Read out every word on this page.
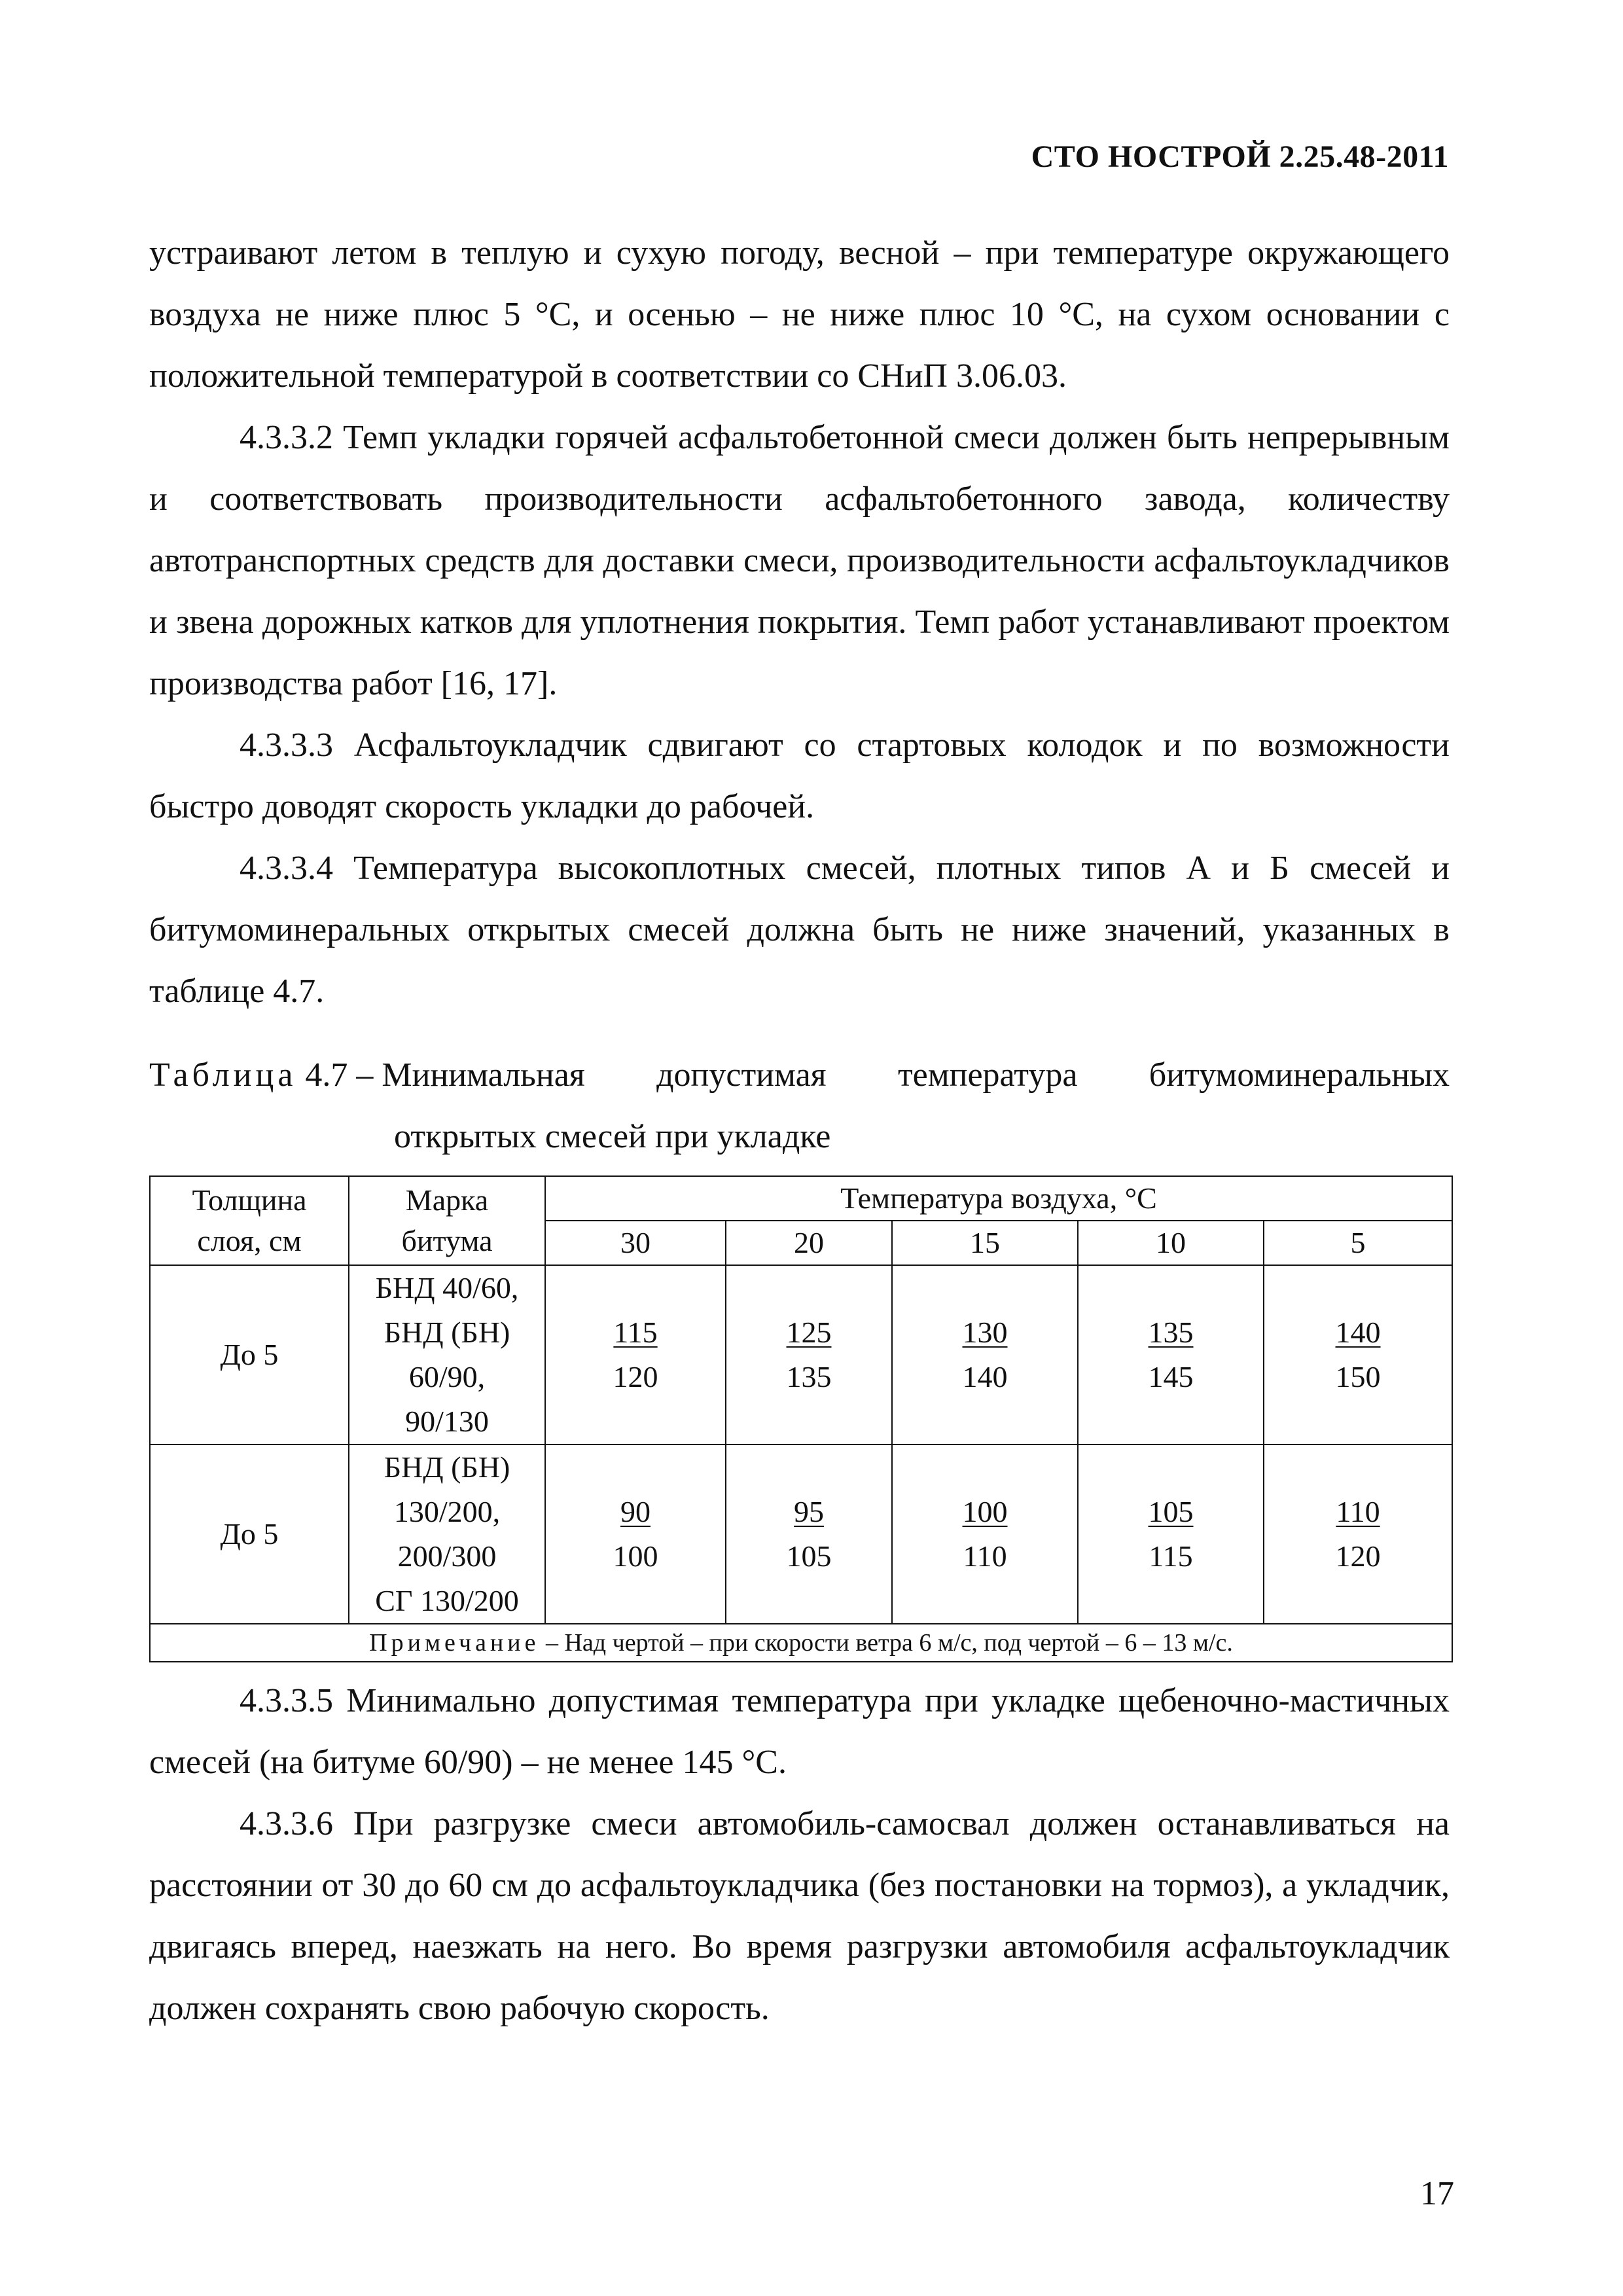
СТО НОСТРОЙ 2.25.48-2011

устраивают летом в теплую и сухую погоду, весной – при температуре окружающего воздуха не ниже плюс 5 °С, и осенью – не ниже плюс 10 °С, на сухом основании с положительной температурой в соответствии со СНиП 3.06.03.

4.3.3.2 Темп укладки горячей асфальтобетонной смеси должен быть непрерывным и соответствовать производительности асфальтобетонного завода, количеству автотранспортных средств для доставки смеси, производительности асфальтоукладчиков и звена дорожных катков для уплотнения покрытия. Темп работ устанавливают проектом производства работ [16, 17].

4.3.3.3 Асфальтоукладчик сдвигают со стартовых колодок и по возможности быстро доводят скорость укладки до рабочей.

4.3.3.4 Температура высокоплотных смесей, плотных типов А и Б смесей и битумоминеральных открытых смесей должна быть не ниже значений, указанных в таблице 4.7.

Таблица 4.7 – Минимальная допустимая температура битумоминеральных
открытых смесей при укладке
Толщина
слоя, см	Марка
битума	Температура воздуха, °С				
		30	20	15	10	5
До 5	БНД 40/60,
БНД (БН)
60/90,
90/130	$\frac{115}{120}$	$\frac{125}{135}$	$\frac{130}{140}$	$\frac{135}{145}$	$\frac{140}{150}$

До 5	БНД (БН)
130/200,
200/300
СГ 130/200	$\frac{90}{100}$	$\frac{95}{105}$	$\frac{100}{110}$	$\frac{105}{115}$	$\frac{110}{120}$

Примечание – Над чертой – при скорости ветра 6 м/с, под чертой – 6 – 13 м/с.						

4.3.3.5 Минимально допустимая температура при укладке щебеночно-мастичных смесей (на битуме 60/90) – не менее 145 °С.

4.3.3.6 При разгрузке смеси автомобиль-самосвал должен останавливаться на расстоянии от 30 до 60 см до асфальтоукладчика (без постановки на тормоз), а укладчик, двигаясь вперед, наезжать на него. Во время разгрузки автомобиля асфальтоукладчик должен сохранять свою рабочую скорость.

17
